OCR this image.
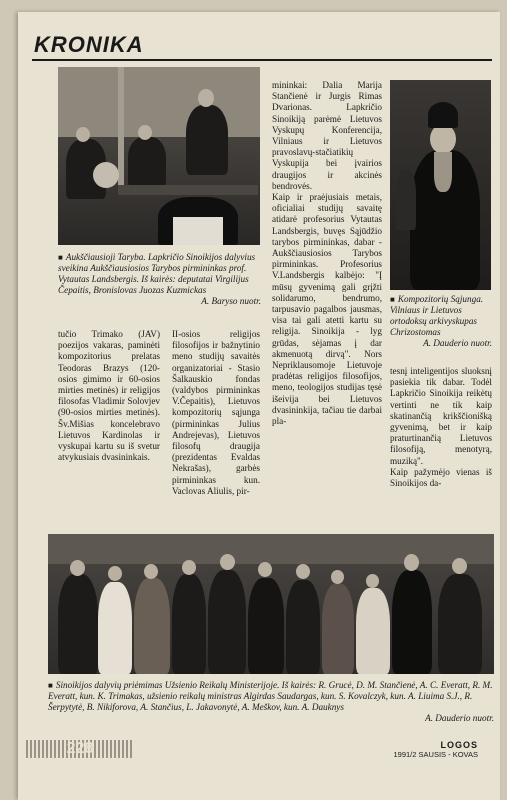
KRONIKA
■ Aukščiausioji Taryba. Lapkričio Sinoikijos dalyvius sveikina Aukščiausiosios Tarybos pirmininkas prof. Vytautas Landsbergis. Iš kairės: deputatai Virgilijus Čepaitis, Bronislovas Juozas Kuzmickas
A. Baryso nuotr.	■ Kompozitorių Sąjunga. Vilniaus ir Lietuvos ortodoksų arkivyskupas Chrizostomas
A. Dauderio nuotr.

tučio Trimako (JAV) poezijos vakaras, paminėti kompozitorius prelatas Teodoras Brazys (120-osios gimimo ir 60-osios mirties metinės) ir religijos filosofas Vladimir Solovjev (90-osios mirties metinės). Šv.Mišias koncelebravo Lietuvos Kardinolas ir vyskupai kartu su iš svetur atvykusiais dvasininkais.

II-osios religijos filosofijos ir bažnytinio meno studijų savaitės organizatoriai - Stasio Šalkauskio fondas (valdybos pirmininkas V.Čepaitis), Lietuvos kompozitorių sąjunga (pirmininkas Julius Andrejevas), Lietuvos filosofų draugija (prezidentas Evaldas Nekrašas), garbės pirmininkas kun. Vaclovas Aliulis, pir-

mininkai: Dalia Marija Stančienė ir Jurgis Rimas Dvarionas. Lapkričio Sinoikiją parėmė Lietuvos Vyskupų Konferencija, Vilniaus ir Lietuvos pravoslavų-stačiatikių Vyskupija bei įvairios draugijos ir akcinės bendrovės.
Kaip ir praėjusiais metais, oficialiai studijų savaitę atidarė profesorius Vytautas Landsbergis, buvęs Sąjūdžio tarybos pirmininkas, dabar - Aukščiausiosios Tarybos pirmininkas. Profesorius V.Landsbergis kalbėjo: "Į mūsų gyvenimą gali grįžti solidarumo, bendrumo, tarpusavio pagalbos jausmas, visa tai gali atetti kartu su religija. Sinoikija - lyg grūdas, sėjamas į dar akmenuotą dirvą". Nors Nepriklausomoje Lietuvoje pradėtas religijos filosofijos, meno, teologijos studijas tęsė išeivija bei Lietuvos dvasininkija, tačiau tie darbai pla-

tesnį inteligentijos sluoksnį pasiekia tik dabar. Todėl Lapkričio Sinoikija reikėtų vertinti ne tik kaip skatinančią krikščionišką gyvenimą, bet ir kaip praturtinančią Lietuvos filosofiją, menotyrą, muziką".
Kaip pažymėjo vienas iš Sinoikijos da-

■ Sinoikijos dalyvių priėmimas Užsienio Reikalų Ministerijoje. Iš kairės: R. Grucė, D. M. Stančienė, A. C. Everatt, R. M. Everatt, kun. K. Trimakas, užsienio reikalų ministras Algirdas Saudargas, kun. S. Kovalczyk, kun. A. Liuima S.J., R. Šerpytytė, B. Nikiforova, A. Stančius, L. Jakavonytė, A. Meškov, kun. A. Dauknys
A. Dauderio nuotr.
228	LOGOS
1991/2 SAUSIS - KOVAS
